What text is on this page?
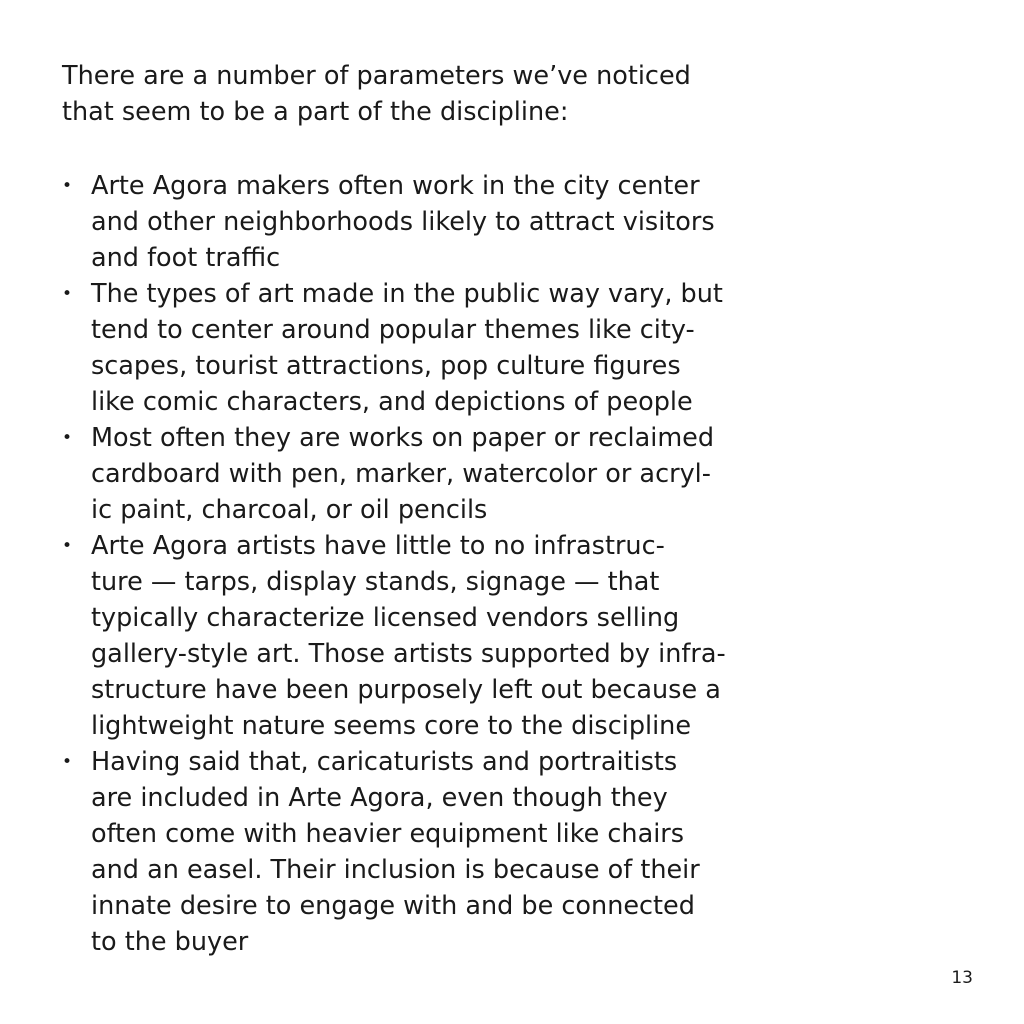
There are a number of parameters we’ve noticed
that seem to be a part of the discipline:

• Arte Agora makers often work in the city center
and other neighborhoods likely to attract visitors
and foot traffic
• The types of art made in the public way vary, but
tend to center around popular themes like city-
scapes, tourist attractions, pop culture figures
like comic characters, and depictions of people
• Most often they are works on paper or reclaimed
cardboard with pen, marker, watercolor or acryl-
ic paint, charcoal, or oil pencils
• Arte Agora artists have little to no infrastruc-
ture — tarps, display stands, signage — that
typically characterize licensed vendors selling
gallery-style art. Those artists supported by infra-
structure have been purposely left out because a
lightweight nature seems core to the discipline
• Having said that, caricaturists and portraitists
are included in Arte Agora, even though they
often come with heavier equipment like chairs
and an easel. Their inclusion is because of their
innate desire to engage with and be connected
to the buyer
13
